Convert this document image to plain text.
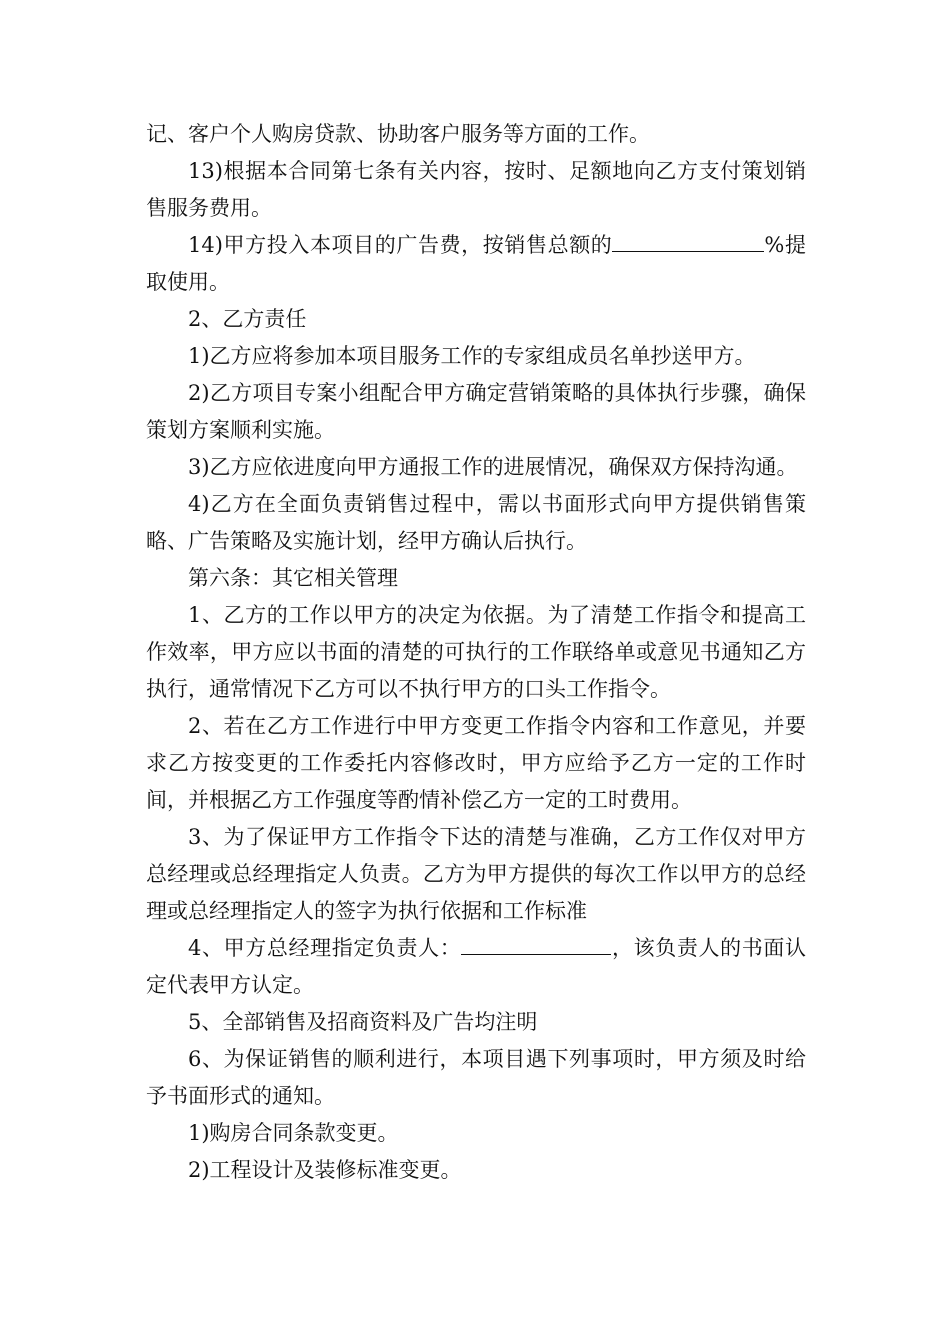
记、客户个人购房贷款、协助客户服务等方面的工作。

13)根据本合同第七条有关内容，按时、足额地向乙方支付策划销售服务费用。

14)甲方投入本项目的广告费，按销售总额的	%提取使用。

2、乙方责任

1)乙方应将参加本项目服务工作的专家组成员名单抄送甲方。

2)乙方项目专案小组配合甲方确定营销策略的具体执行步骤，确保策划方案顺利实施。

3)乙方应依进度向甲方通报工作的进展情况，确保双方保持沟通。

4)乙方在全面负责销售过程中，需以书面形式向甲方提供销售策略、广告策略及实施计划，经甲方确认后执行。

第六条：其它相关管理

1、乙方的工作以甲方的决定为依据。为了清楚工作指令和提高工作效率，甲方应以书面的清楚的可执行的工作联络单或意见书通知乙方执行，通常情况下乙方可以不执行甲方的口头工作指令。

2、若在乙方工作进行中甲方变更工作指令内容和工作意见，并要求乙方按变更的工作委托内容修改时，甲方应给予乙方一定的工作时间，并根据乙方工作强度等酌情补偿乙方一定的工时费用。

3、为了保证甲方工作指令下达的清楚与准确，乙方工作仅对甲方总经理或总经理指定人负责。乙方为甲方提供的每次工作以甲方的总经理或总经理指定人的签字为执行依据和工作标准

4、甲方总经理指定负责人：	，该负责人的书面认定代表甲方认定。

5、全部销售及招商资料及广告均注明

6、为保证销售的顺利进行，本项目遇下列事项时，甲方须及时给予书面形式的通知。

1)购房合同条款变更。

2)工程设计及装修标准变更。
